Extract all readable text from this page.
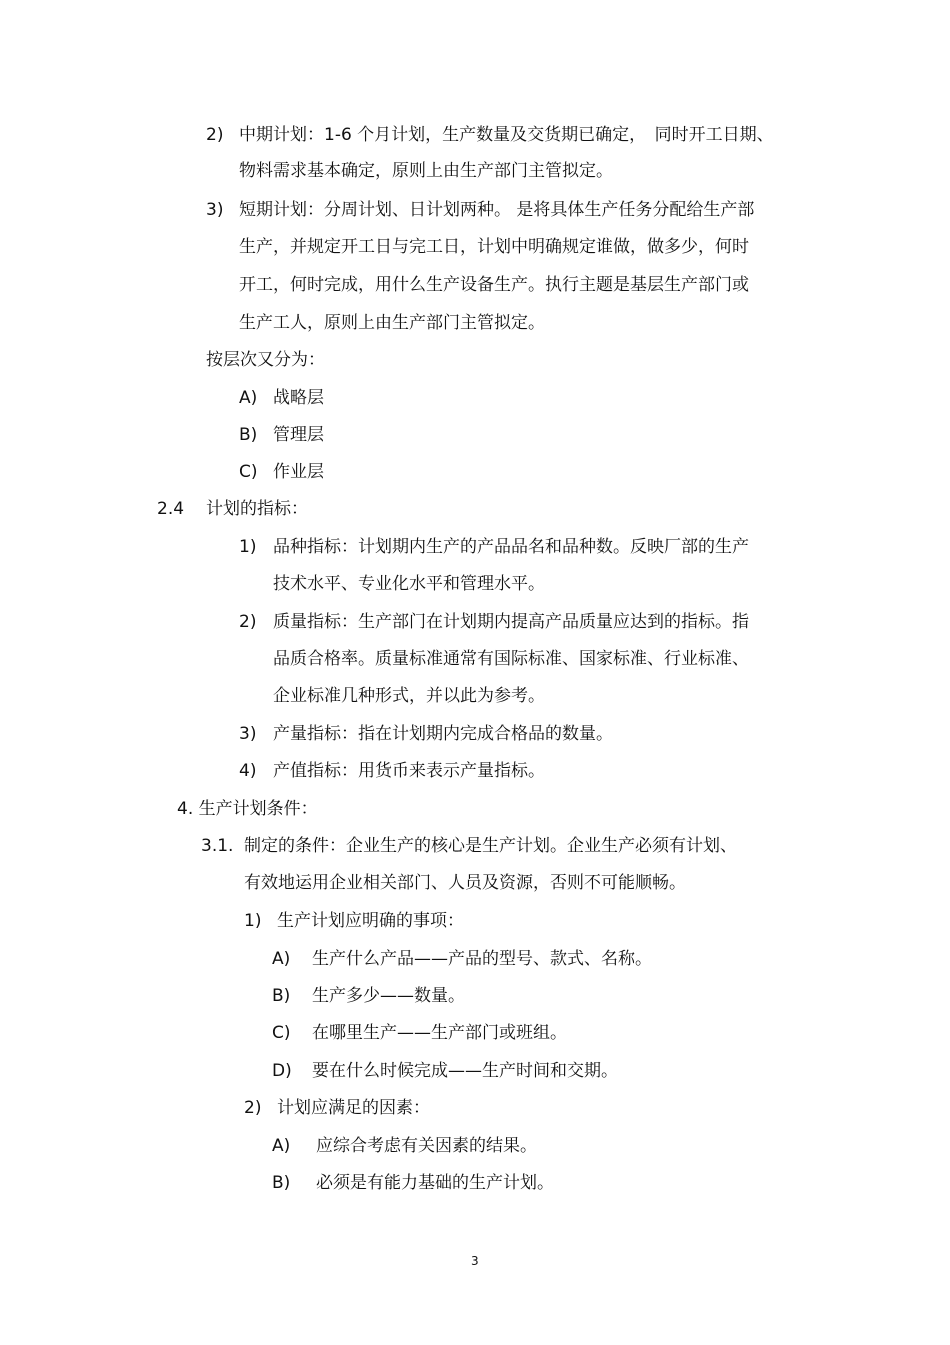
2) 中期计划：1-6 个月计划，生产数量及交货期已确定，　同时开工日期、
物料需求基本确定，原则上由生产部门主管拟定。
3) 短期计划：分周计划、日计划两种。 是将具体生产任务分配给生产部
生产，并规定开工日与完工日，计划中明确规定谁做，做多少，何时
开工，何时完成，用什么生产设备生产。执行主题是基层生产部门或
生产工人，原则上由生产部门主管拟定。
按层次又分为：
A) 战略层
B) 管理层
C) 作业层
2.4 计划的指标：
1) 品种指标：计划期内生产的产品品名和品种数。反映厂部的生产
技术水平、专业化水平和管理水平。
2) 质量指标：生产部门在计划期内提高产品质量应达到的指标。指
品质合格率。质量标准通常有国际标准、国家标准、行业标准、
企业标准几种形式，并以此为参考。
3) 产量指标：指在计划期内完成合格品的数量。
4) 产值指标：用货币来表示产量指标。
4. 生产计划条件：
3.1. 制定的条件：企业生产的核心是生产计划。企业生产必须有计划、
有效地运用企业相关部门、人员及资源，否则不可能顺畅。
1) 生产计划应明确的事项：
A) 生产什么产品——产品的型号、款式、名称。
B) 生产多少——数量。
C) 在哪里生产——生产部门或班组。
D) 要在什么时候完成——生产时间和交期。
2) 计划应满足的因素：
A) 应综合考虑有关因素的结果。
B) 必须是有能力基础的生产计划。
3
